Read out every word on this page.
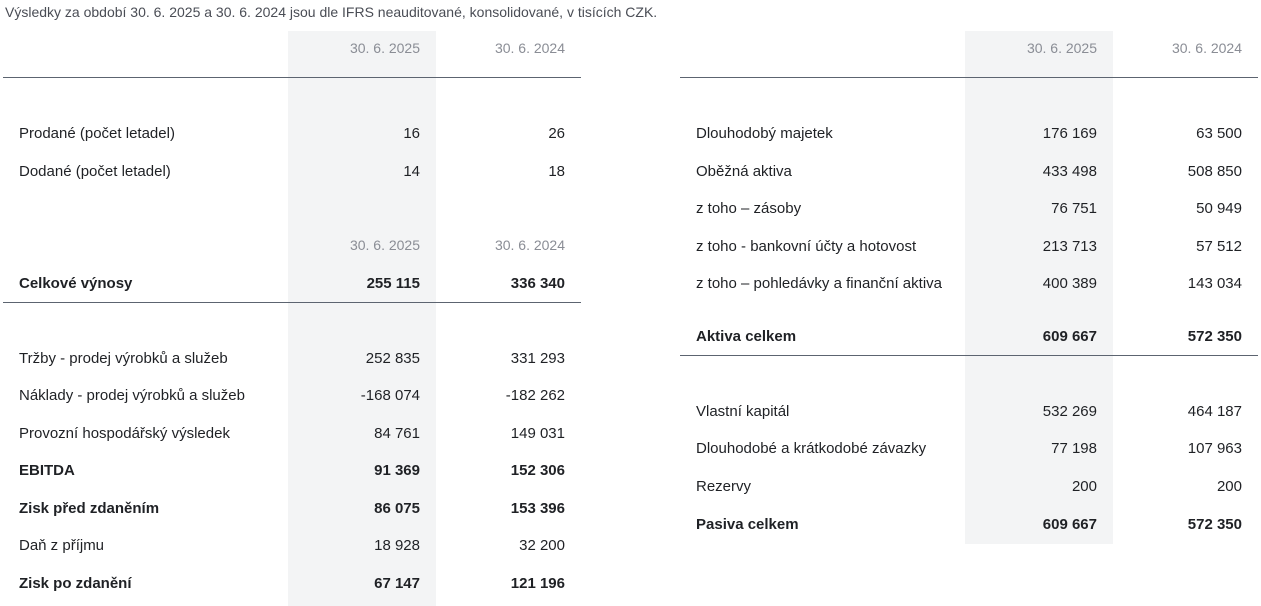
Výsledky za období 30. 6. 2025 a 30. 6. 2024 jsou dle IFRS neauditované, konsolidované, v tisících CZK.
30. 6. 2025	30. 6. 2024
Prodané (počet letadel)	16	26
Dodané (počet letadel)	14	18
30. 6. 2025	30. 6. 2024
Celkové výnosy	255 115	336 340
Tržby - prodej výrobků a služeb	252 835	331 293
Náklady - prodej výrobků a služeb	-168 074	-182 262
Provozní hospodářský výsledek	84 761	149 031
EBITDA	91 369	152 306
Zisk před zdaněním	86 075	153 396
Daň z příjmu	18 928	32 200
Zisk po zdanění	67 147	121 196
30. 6. 2025	30. 6. 2024
Dlouhodobý majetek	176 169	63 500
Oběžná aktiva	433 498	508 850
z toho – zásoby	76 751	50 949
z toho - bankovní účty a hotovost	213 713	57 512
z toho – pohledávky a finanční aktiva	400 389	143 034
Aktiva celkem	609 667	572 350
Vlastní kapitál	532 269	464 187
Dlouhodobé a krátkodobé závazky	77 198	107 963
Rezervy	200	200
Pasiva celkem	609 667	572 350
